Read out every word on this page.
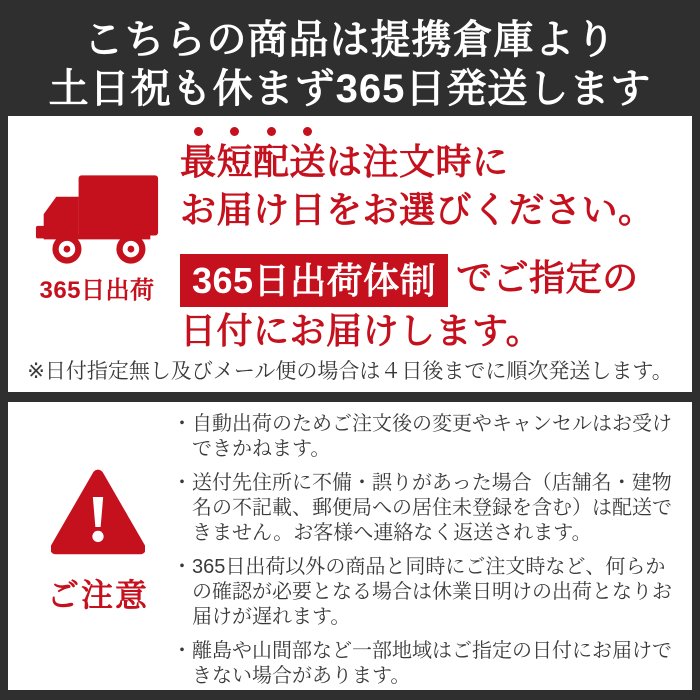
こちらの商品は提携倉庫より
土日祝も休まず365日発送します
365日出荷
最短配送は注文時に
お届け日をお選びください。
365日出荷体制 でご指定の
日付にお届けします。
※日付指定無し及びメール便の場合は４日後までに順次発送します。
ご注意
・自動出荷のためご注文後の変更やキャンセルはお受けできかねます。
・送付先住所に不備・誤りがあった場合（店舗名・建物名の不記載、郵便局への居住未登録を含む）は配送できません。お客様へ連絡なく返送されます。
・365日出荷以外の商品と同時にご注文時など、何らかの確認が必要となる場合は休業日明けの出荷となりお届けが遅れます。
・離島や山間部など一部地域はご指定の日付にお届けできない場合があります。
